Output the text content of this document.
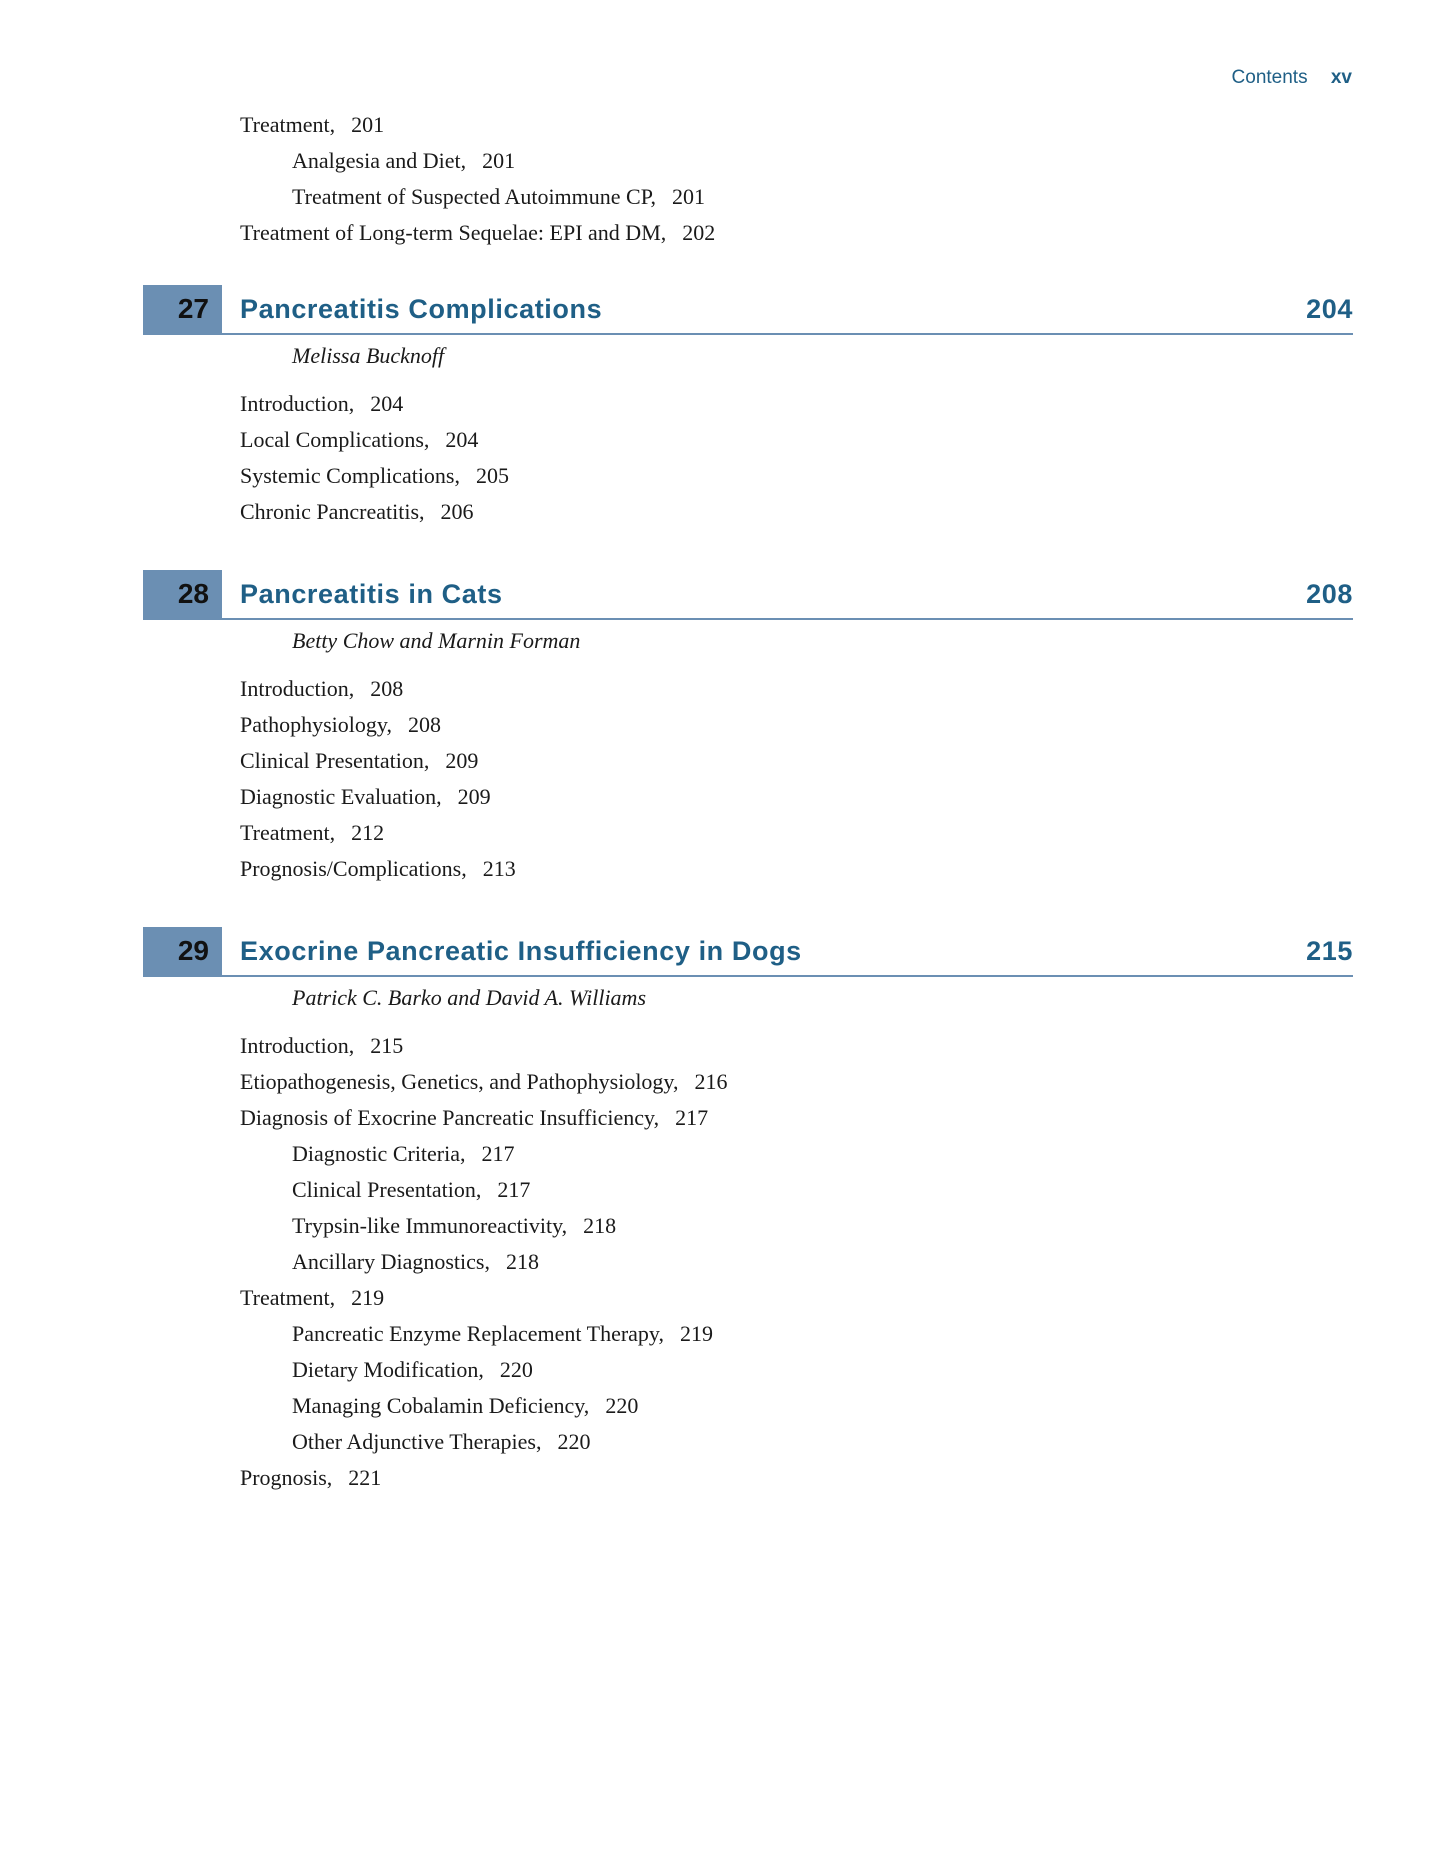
Contents xv
Treatment, 201
Analgesia and Diet, 201
Treatment of Suspected Autoimmune CP, 201
Treatment of Long-term Sequelae: EPI and DM, 202
27	Pancreatitis Complications	204
Melissa Bucknoff
Introduction, 204
Local Complications, 204
Systemic Complications, 205
Chronic Pancreatitis, 206
28	Pancreatitis in Cats	208
Betty Chow and Marnin Forman
Introduction, 208
Pathophysiology, 208
Clinical Presentation, 209
Diagnostic Evaluation, 209
Treatment, 212
Prognosis/Complications, 213
29	Exocrine Pancreatic Insufficiency in Dogs	215
Patrick C. Barko and David A. Williams
Introduction, 215
Etiopathogenesis, Genetics, and Pathophysiology, 216
Diagnosis of Exocrine Pancreatic Insufficiency, 217
Diagnostic Criteria, 217
Clinical Presentation, 217
Trypsin-like Immunoreactivity, 218
Ancillary Diagnostics, 218
Treatment, 219
Pancreatic Enzyme Replacement Therapy, 219
Dietary Modification, 220
Managing Cobalamin Deficiency, 220
Other Adjunctive Therapies, 220
Prognosis, 221
